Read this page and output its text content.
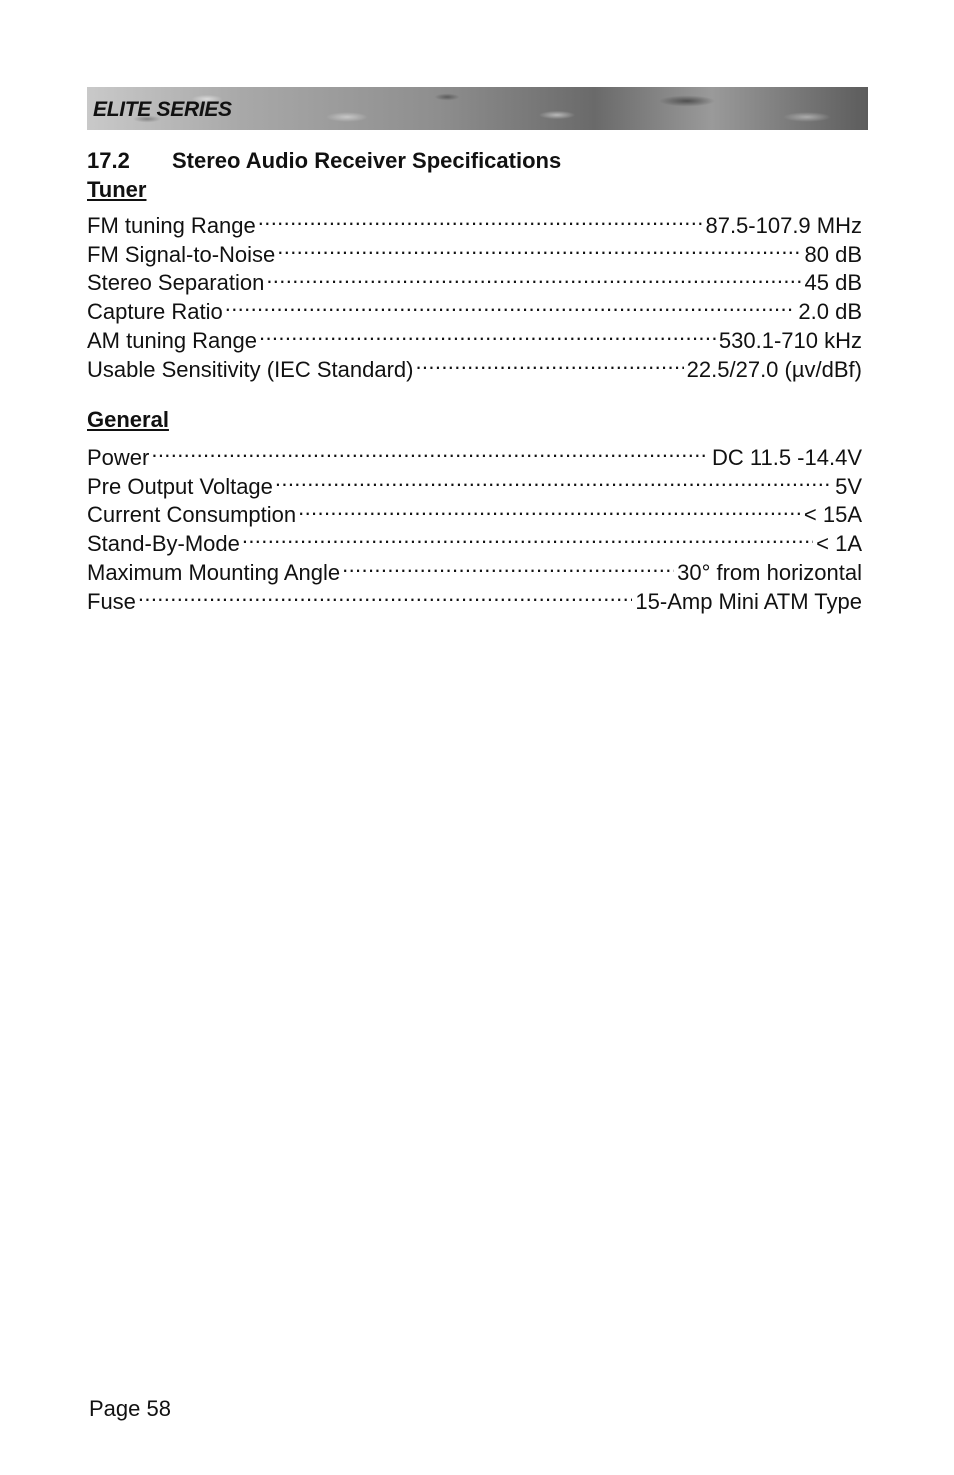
ELITE SERIES
17.2 Stereo Audio Receiver Specifications
Tuner
FM tuning Range .....	87.5-107.9 MHz
FM Signal-to-Noise .....	80 dB
Stereo Separation .....	45 dB
Capture Ratio .....	2.0 dB
AM tuning Range .....	530.1-710 kHz
Usable Sensitivity (IEC Standard) .....	22.5/27.0 (µv/dBf)
General
Power .....	DC 11.5 -14.4V
Pre Output Voltage .....	5V
Current Consumption .....	< 15A
Stand-By-Mode .....	< 1A
Maximum Mounting Angle .....	30° from horizontal
Fuse .....	15-Amp Mini ATM Type
Page 58
